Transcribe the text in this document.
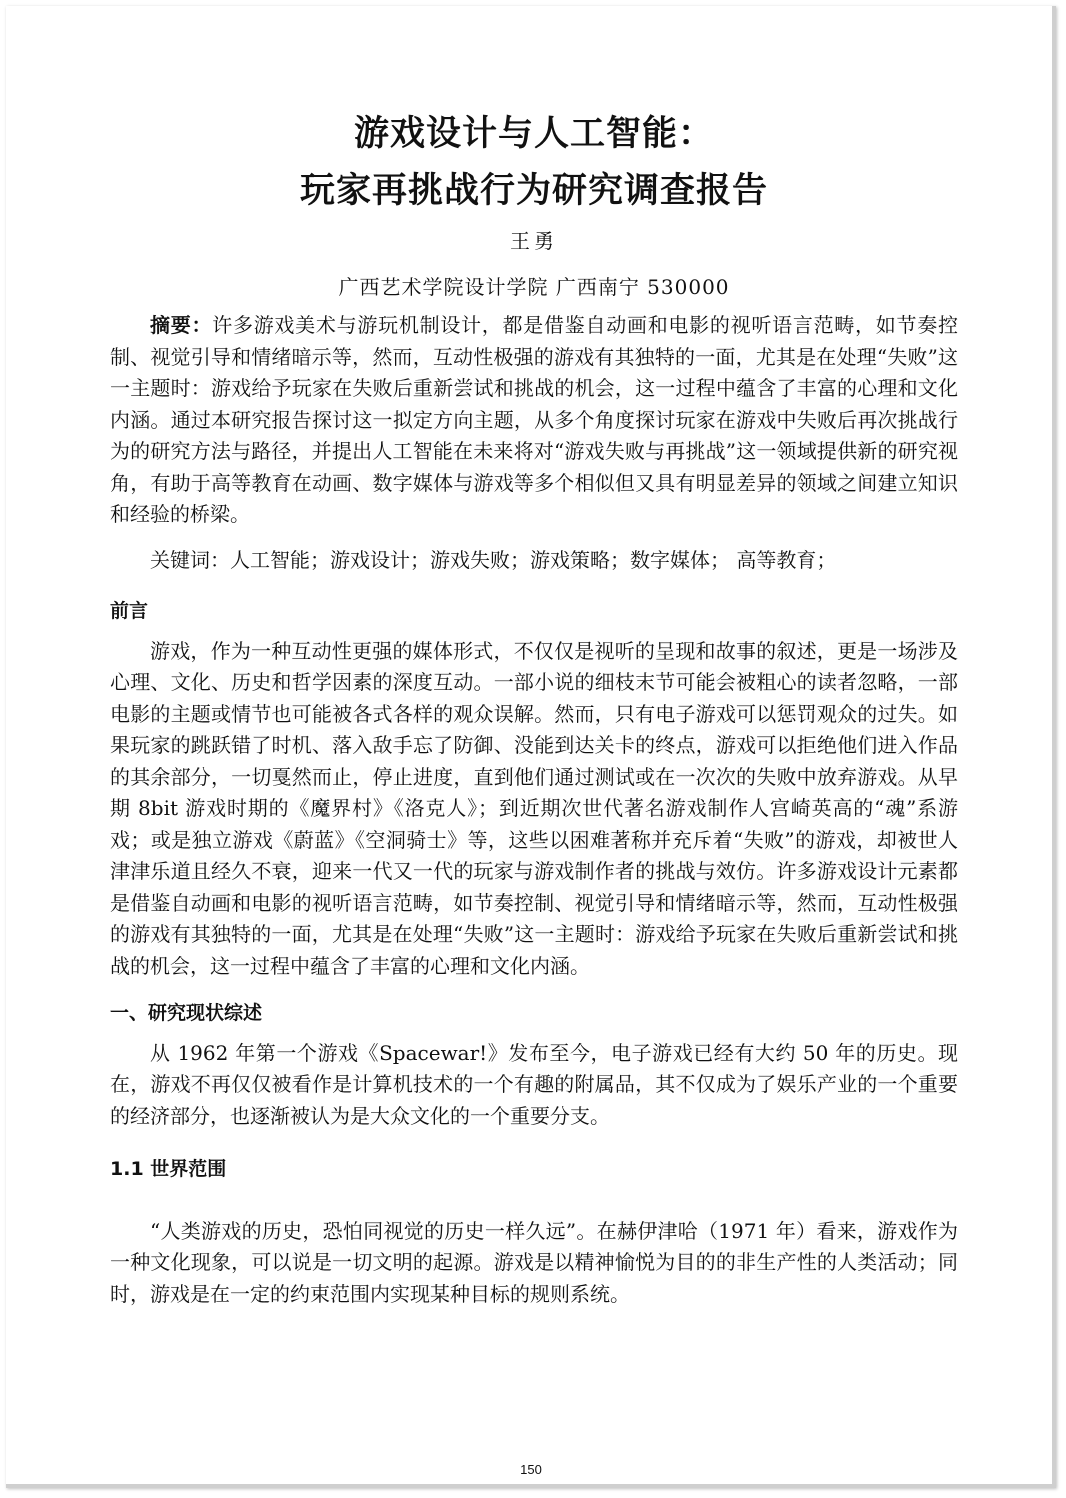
游戏设计与人工智能：
玩家再挑战行为研究调查报告
王勇
广西艺术学院设计学院 广西南宁 530000

摘要：许多游戏美术与游玩机制设计，都是借鉴自动画和电影的视听语言范畴，如节奏控制、视觉引导和情绪暗示等，然而，互动性极强的游戏有其独特的一面，尤其是在处理“失败”这一主题时：游戏给予玩家在失败后重新尝试和挑战的机会，这一过程中蕴含了丰富的心理和文化内涵。通过本研究报告探讨这一拟定方向主题，从多个角度探讨玩家在游戏中失败后再次挑战行为的研究方法与路径，并提出人工智能在未来将对“游戏失败与再挑战”这一领域提供新的研究视角，有助于高等教育在动画、数字媒体与游戏等多个相似但又具有明显差异的领域之间建立知识和经验的桥梁。

关键词：人工智能；游戏设计；游戏失败；游戏策略；数字媒体； 高等教育；

前言

游戏，作为一种互动性更强的媒体形式，不仅仅是视听的呈现和故事的叙述，更是一场涉及心理、文化、历史和哲学因素的深度互动。一部小说的细枝末节可能会被粗心的读者忽略，一部电影的主题或情节也可能被各式各样的观众误解。然而，只有电子游戏可以惩罚观众的过失。如果玩家的跳跃错了时机、落入敌手忘了防御、没能到达关卡的终点，游戏可以拒绝他们进入作品的其余部分，一切戛然而止，停止进度，直到他们通过测试或在一次次的失败中放弃游戏。从早期 8bit 游戏时期的《魔界村》《洛克人》；到近期次世代著名游戏制作人宫崎英高的“魂”系游戏；或是独立游戏《蔚蓝》《空洞骑士》等，这些以困难著称并充斥着“失败”的游戏，却被世人津津乐道且经久不衰，迎来一代又一代的玩家与游戏制作者的挑战与效仿。许多游戏设计元素都是借鉴自动画和电影的视听语言范畴，如节奏控制、视觉引导和情绪暗示等，然而，互动性极强的游戏有其独特的一面，尤其是在处理“失败”这一主题时：游戏给予玩家在失败后重新尝试和挑战的机会，这一过程中蕴含了丰富的心理和文化内涵。

一、研究现状综述

从 1962 年第一个游戏《Spacewar!》发布至今，电子游戏已经有大约 50 年的历史。现在，游戏不再仅仅被看作是计算机技术的一个有趣的附属品，其不仅成为了娱乐产业的一个重要的经济部分，也逐渐被认为是大众文化的一个重要分支。

1.1 世界范围

“人类游戏的历史，恐怕同视觉的历史一样久远”。在赫伊津哈（1971 年）看来，游戏作为一种文化现象，可以说是一切文明的起源。游戏是以精神愉悦为目的的非生产性的人类活动；同时，游戏是在一定的约束范围内实现某种目标的规则系统。

150
